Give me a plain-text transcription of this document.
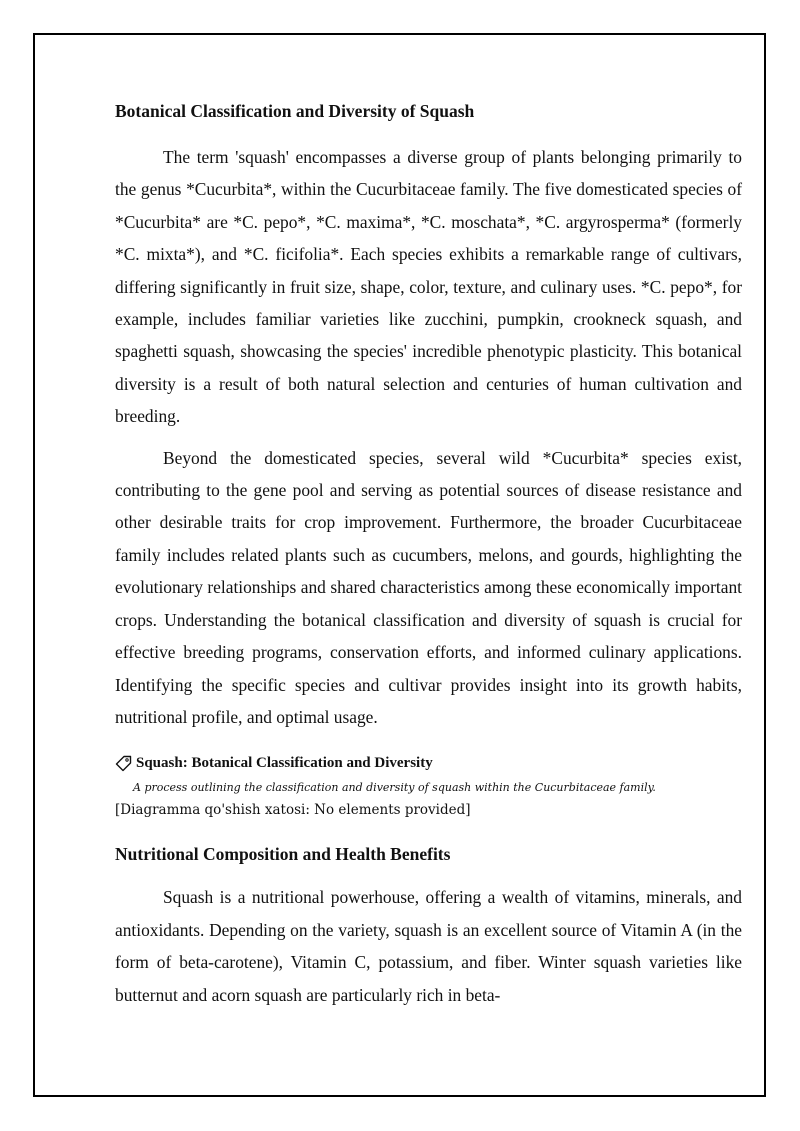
Botanical Classification and Diversity of Squash

The term 'squash' encompasses a diverse group of plants belonging primarily to the genus *Cucurbita*, within the Cucurbitaceae family. The five domesticated species of *Cucurbita* are *C. pepo*, *C. maxima*, *C. moschata*, *C. argyrosperma* (formerly *C. mixta*), and *C. ficifolia*. Each species exhibits a remarkable range of cultivars, differing significantly in fruit size, shape, color, texture, and culinary uses. *C. pepo*, for example, includes familiar varieties like zucchini, pumpkin, crookneck squash, and spaghetti squash, showcasing the species' incredible phenotypic plasticity. This botanical diversity is a result of both natural selection and centuries of human cultivation and breeding.

Beyond the domesticated species, several wild *Cucurbita* species exist, contributing to the gene pool and serving as potential sources of disease resistance and other desirable traits for crop improvement. Furthermore, the broader Cucurbitaceae family includes related plants such as cucumbers, melons, and gourds, highlighting the evolutionary relationships and shared characteristics among these economically important crops. Understanding the botanical classification and diversity of squash is crucial for effective breeding programs, conservation efforts, and informed culinary applications. Identifying the specific species and cultivar provides insight into its growth habits, nutritional profile, and optimal usage.

Squash: Botanical Classification and Diversity
A process outlining the classification and diversity of squash within the Cucurbitaceae family.
[Diagramma qo'shish xatosi: No elements provided]
Nutritional Composition and Health Benefits

Squash is a nutritional powerhouse, offering a wealth of vitamins, minerals, and antioxidants. Depending on the variety, squash is an excellent source of Vitamin A (in the form of beta-carotene), Vitamin C, potassium, and fiber. Winter squash varieties like butternut and acorn squash are particularly rich in beta-
